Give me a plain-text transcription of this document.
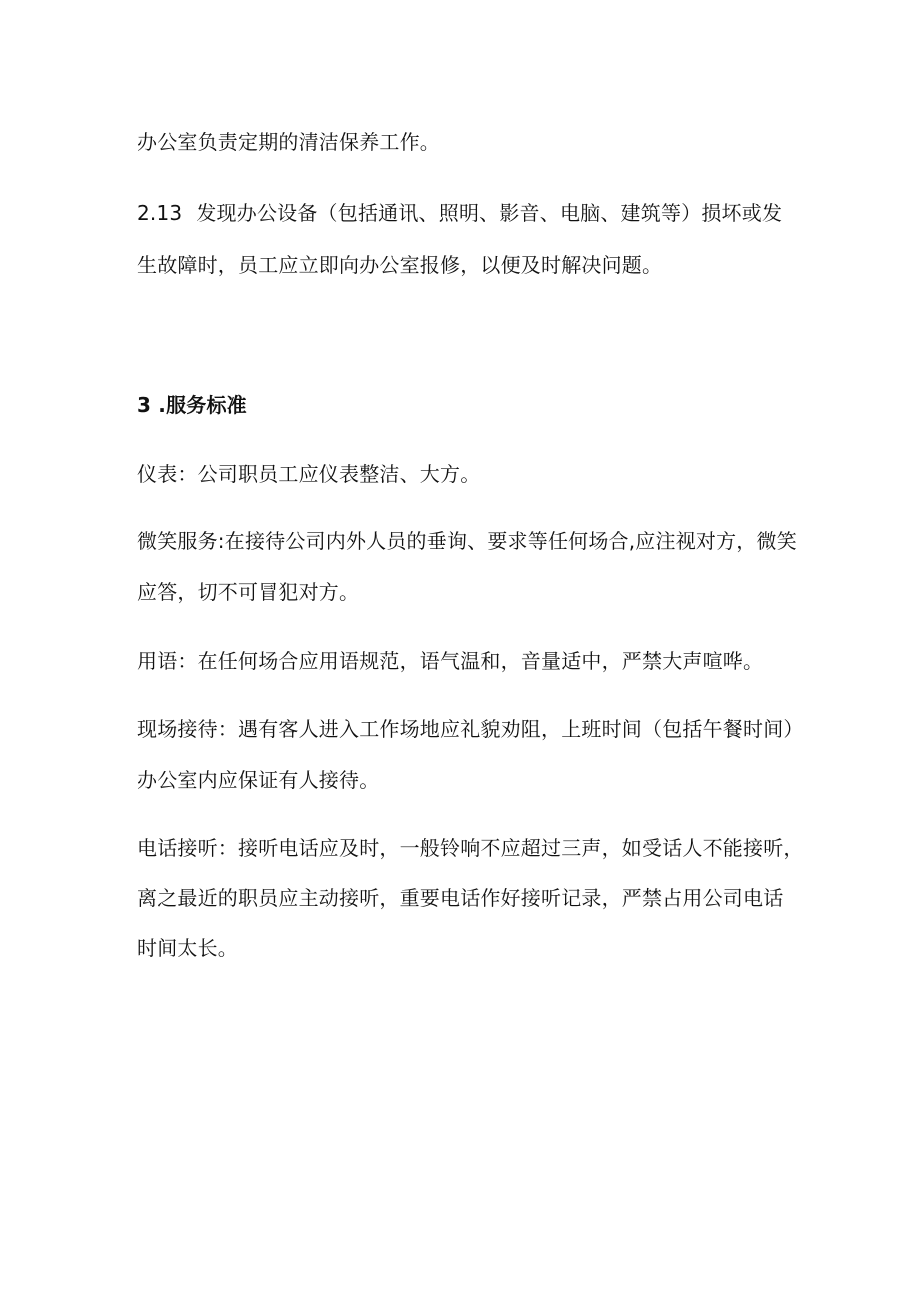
办公室负责定期的清洁保养工作。
2.13 发现办公设备（包括通讯、照明、影音、电脑、建筑等）损坏或发
生故障时，员工应立即向办公室报修，以便及时解决问题。
3 .服务标准
仪表：公司职员工应仪表整洁、大方。
微笑服务:在接待公司内外人员的垂询、要求等任何场合,应注视对方，微笑
应答，切不可冒犯对方。
用语：在任何场合应用语规范，语气温和，音量适中，严禁大声喧哗。
现场接待：遇有客人进入工作场地应礼貌劝阻，上班时间（包括午餐时间）
办公室内应保证有人接待。
电话接听：接听电话应及时，一般铃响不应超过三声，如受话人不能接听，
离之最近的职员应主动接听，重要电话作好接听记录，严禁占用公司电话
时间太长。
